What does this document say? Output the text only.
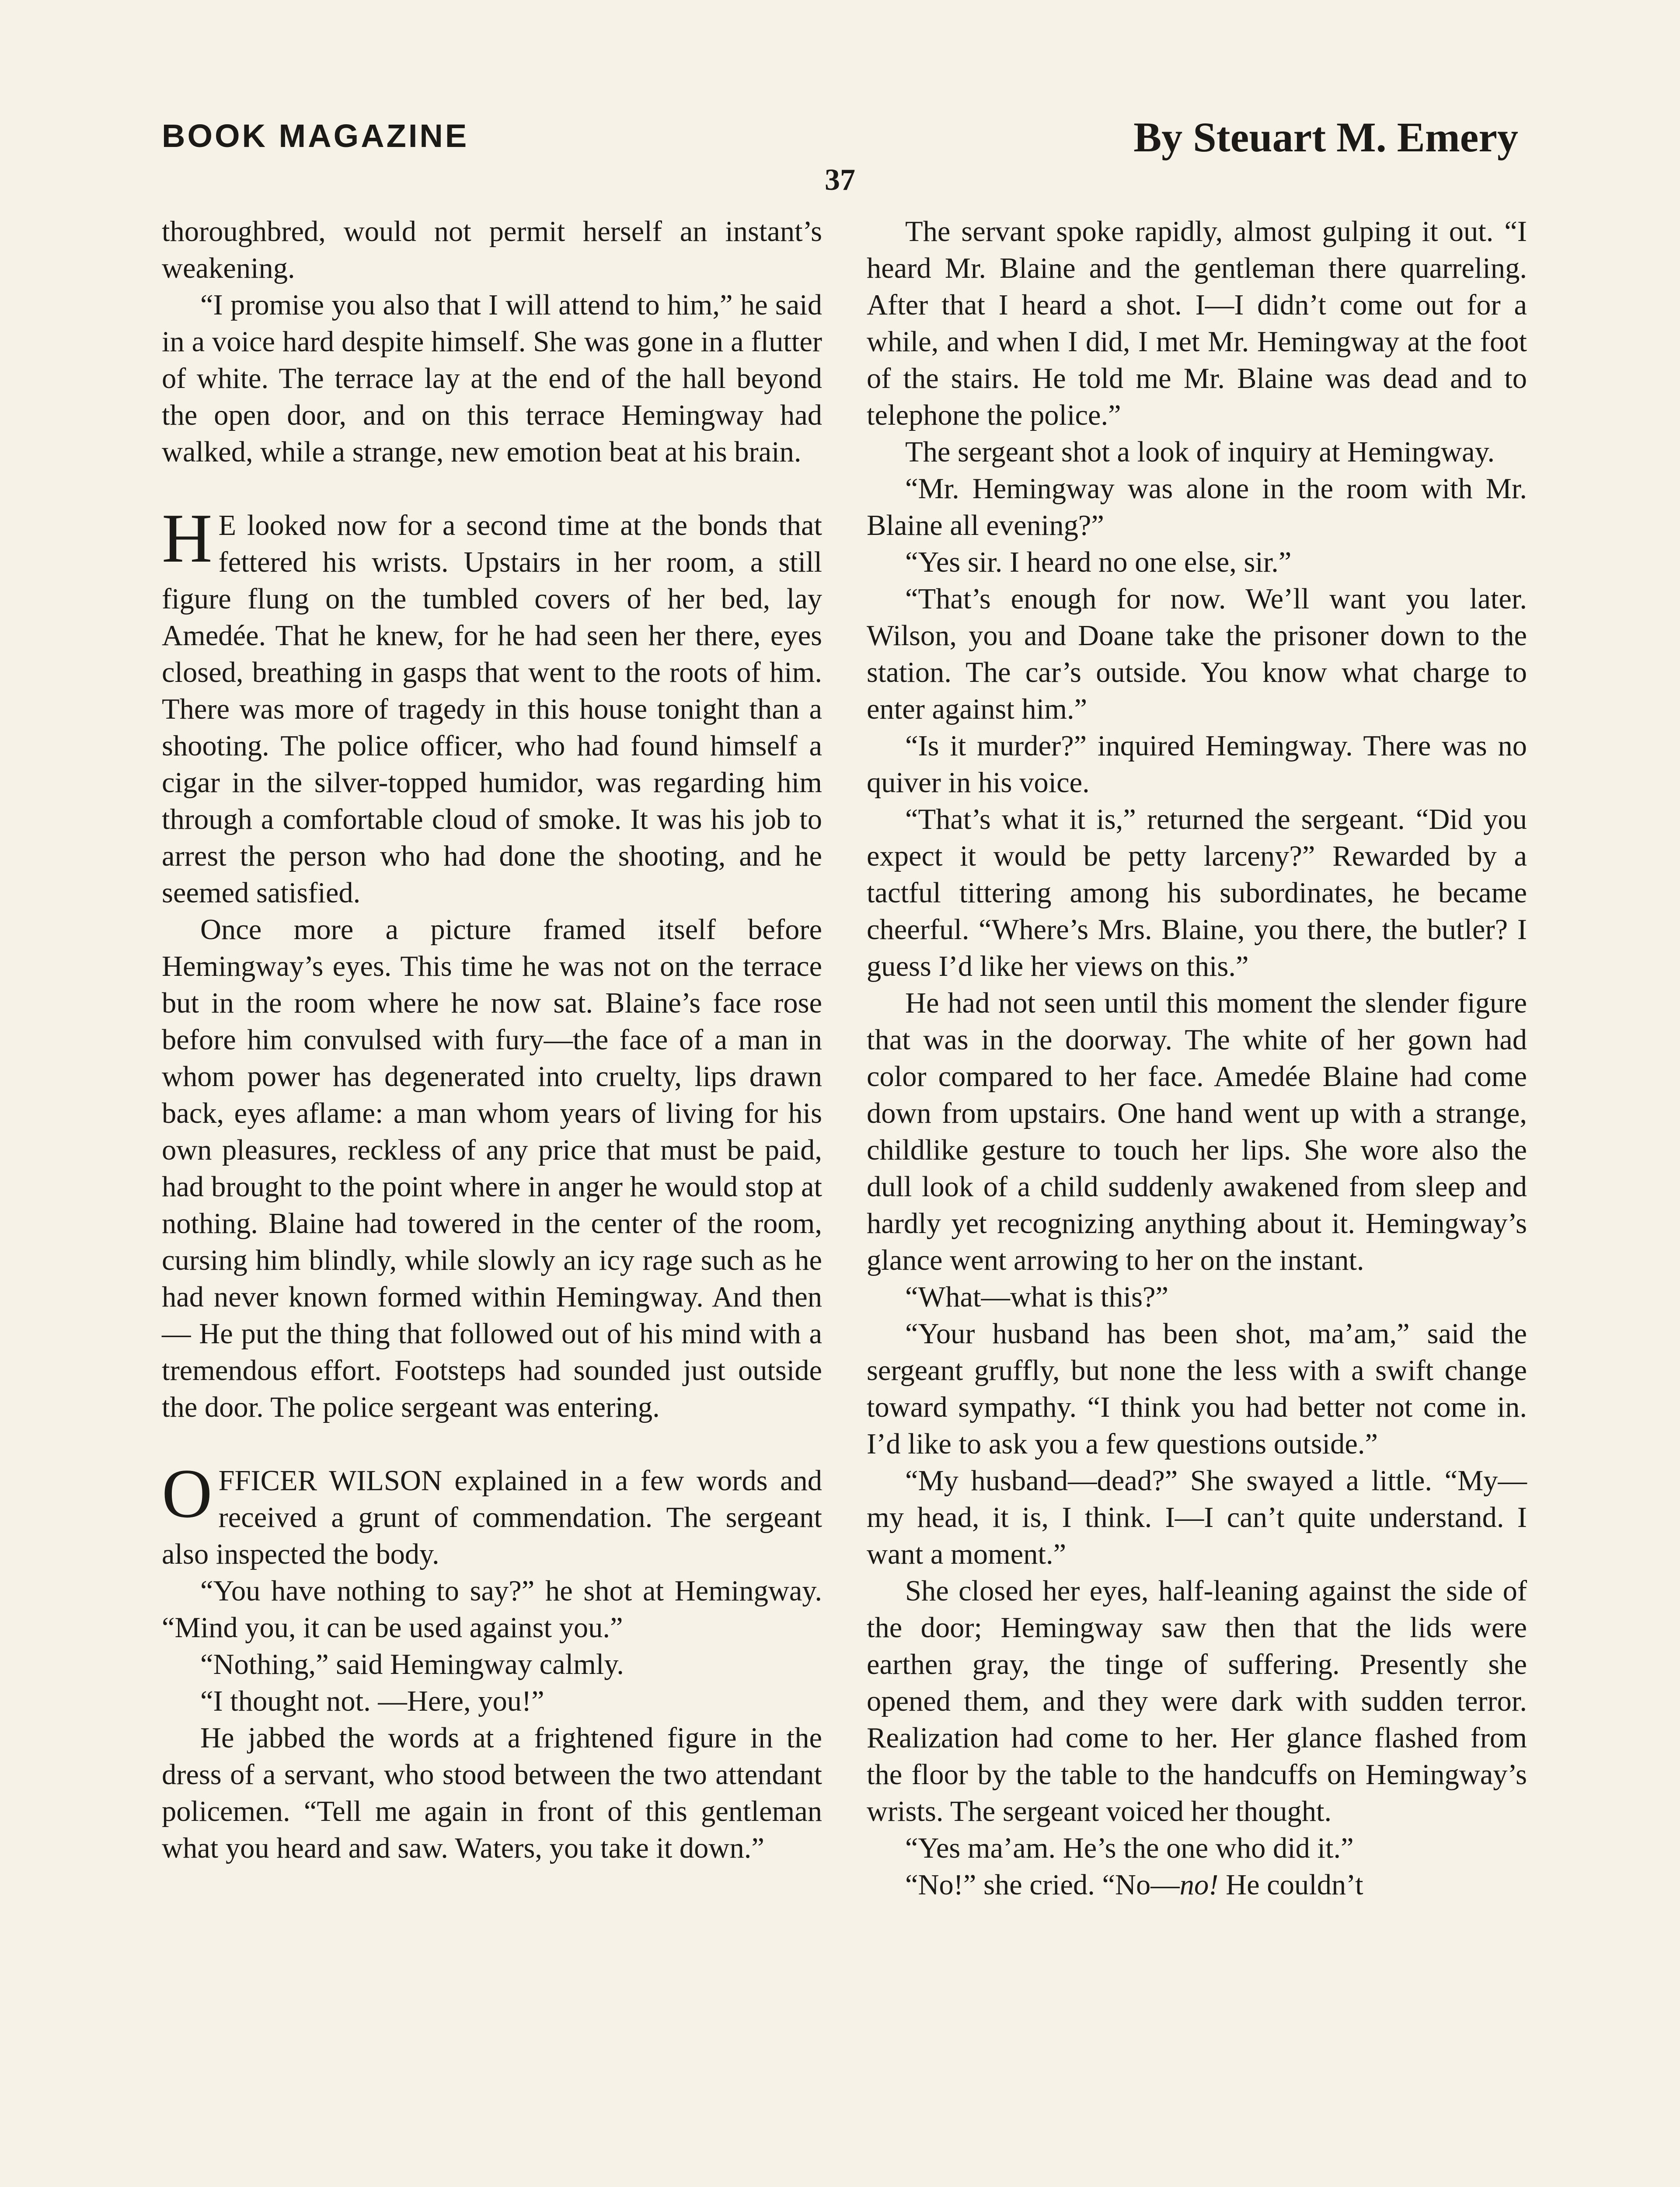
BOOK MAGAZINE	By Steuart M. Emery
37

thoroughbred, would not permit herself an instant’s weakening.

“I promise you also that I will attend to him,” he said in a voice hard despite himself. She was gone in a flutter of white. The terrace lay at the end of the hall beyond the open door, and on this terrace Hemingway had walked, while a strange, new emotion beat at his brain.

H E looked now for a second time at the bonds that fettered his wrists. Upstairs in her room, a still figure flung on the tumbled covers of her bed, lay Amedée. That he knew, for he had seen her there, eyes closed, breathing in gasps that went to the roots of him. There was more of tragedy in this house tonight than a shooting. The police officer, who had found himself a cigar in the silver-topped humidor, was regarding him through a comfortable cloud of smoke. It was his job to arrest the person who had done the shooting, and he seemed satisfied.

Once more a picture framed itself before Hemingway’s eyes. This time he was not on the terrace but in the room where he now sat. Blaine’s face rose before him convulsed with fury—the face of a man in whom power has degenerated into cruelty, lips drawn back, eyes aflame: a man whom years of living for his own pleasures, reckless of any price that must be paid, had brought to the point where in anger he would stop at nothing. Blaine had towered in the center of the room, cursing him blindly, while slowly an icy rage such as he had never known formed within Hemingway. And then— He put the thing that followed out of his mind with a tremendous effort. Footsteps had sounded just outside the door. The police sergeant was entering.

OFFICER WILSON explained in a few words and received a grunt of commendation. The sergeant also inspected the body.

“You have nothing to say?” he shot at Hemingway. “Mind you, it can be used against you.”

“Nothing,” said Hemingway calmly.

“I thought not. —Here, you!”

He jabbed the words at a frightened figure in the dress of a servant, who stood between the two attendant policemen. “Tell me again in front of this gentleman what you heard and saw. Waters, you take it down.”

The servant spoke rapidly, almost gulping it out. “I heard Mr. Blaine and the gentleman there quarreling. After that I heard a shot. I—I didn’t come out for a while, and when I did, I met Mr. Hemingway at the foot of the stairs. He told me Mr. Blaine was dead and to telephone the police.”

The sergeant shot a look of inquiry at Hemingway.

“Mr. Hemingway was alone in the room with Mr. Blaine all evening?”

“Yes sir. I heard no one else, sir.”

“That’s enough for now. We’ll want you later. Wilson, you and Doane take the prisoner down to the station. The car’s outside. You know what charge to enter against him.”

“Is it murder?” inquired Hemingway. There was no quiver in his voice.

“That’s what it is,” returned the sergeant. “Did you expect it would be petty larceny?” Rewarded by a tactful tittering among his subordinates, he became cheerful. “Where’s Mrs. Blaine, you there, the butler? I guess I’d like her views on this.”

He had not seen until this moment the slender figure that was in the doorway. The white of her gown had color compared to her face. Amedée Blaine had come down from upstairs. One hand went up with a strange, childlike gesture to touch her lips. She wore also the dull look of a child suddenly awakened from sleep and hardly yet recognizing anything about it. Hemingway’s glance went arrowing to her on the instant.

“What—what is this?”

“Your husband has been shot, ma’am,” said the sergeant gruffly, but none the less with a swift change toward sympathy. “I think you had better not come in. I’d like to ask you a few questions outside.”

“My husband—dead?” She swayed a little. “My—my head, it is, I think. I—I can’t quite understand. I want a moment.”

She closed her eyes, half-leaning against the side of the door; Hemingway saw then that the lids were earthen gray, the tinge of suffering. Presently she opened them, and they were dark with sudden terror. Realization had come to her. Her glance flashed from the floor by the table to the handcuffs on Hemingway’s wrists. The sergeant voiced her thought.

“Yes ma’am. He’s the one who did it.”

“No!” she cried. “No—no! He couldn’t
